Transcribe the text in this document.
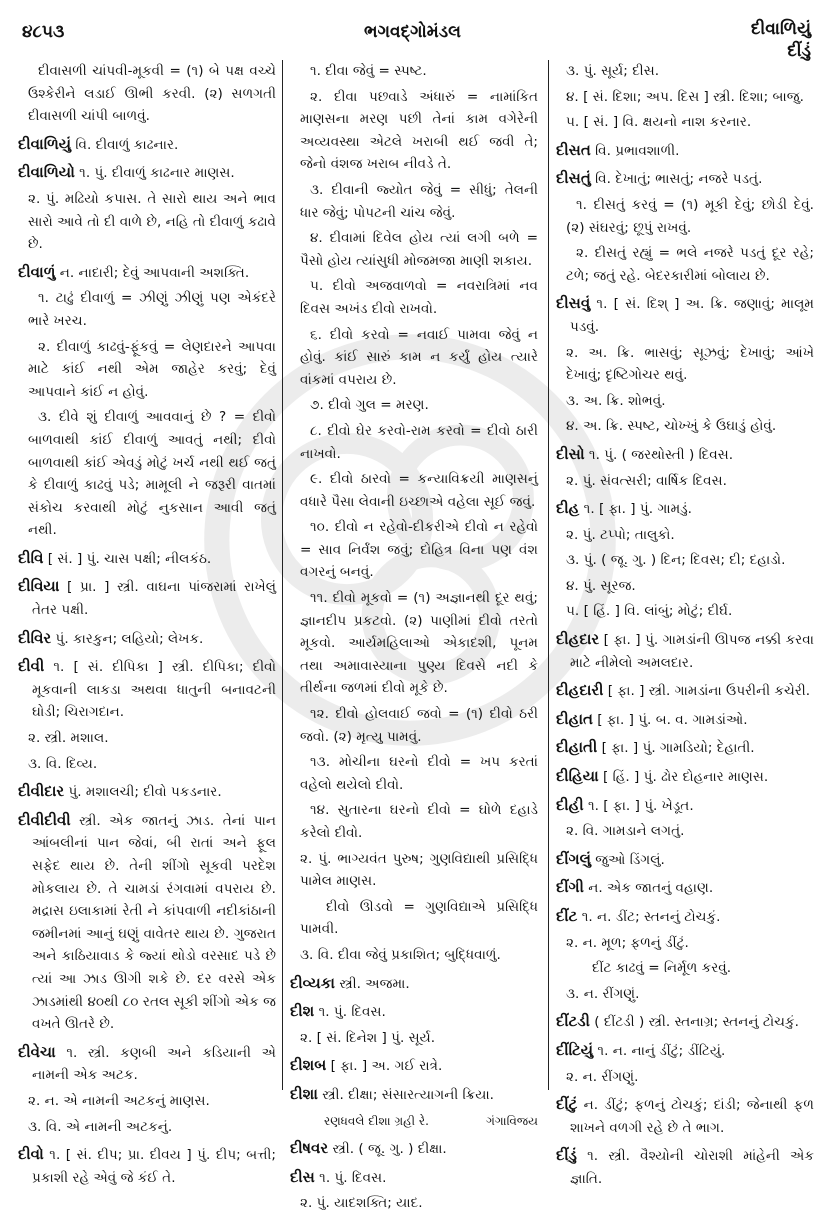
૪૮૫૩	ભગવદ્ગોમંડલ	દીવાળિયું
દીંડું

દીવાસળી ચાંપવી-મૂકવી = (૧) બે પક્ષ વચ્ચે ઉશ્કેરીને લડાઈ ઊભી કરવી. (૨) સળગતી દીવાસળી ચાંપી બાળવું.

દીવાળિયું વિ. દીવાળું કાઢનાર.

દીવાળિયો ૧. પું. દીવાળું કાઢનાર માણસ.

૨. પું. મઢિયો કપાસ. તે સારો થાય અને ભાવ સારો આવે તો દી વાળે છે, નહિ તો દીવાળું કઢાવે છે.

દીવાળું ન. નાદારી; દેવું આપવાની અશક્તિ.

૧. ટાઢું દીવાળું = ઝીણું ઝીણું પણ એકંદરે ભારે ખરચ.

૨. દીવાળું કાઢવું-ફૂંકવું = લેણદારને આપવા માટે કાંઈ નથી એમ જાહેર કરવું; દેવું આપવાને કાંઈ ન હોવું.

૩. દીવે શું દીવાળું આવવાનું છે ? = દીવો બાળવાથી કાંઈ દીવાળું આવતું નથી; દીવો બાળવાથી કાંઈ એવડું મોટું ખર્ચ નથી થઈ જતું કે દીવાળું કાઢવું પડે; મામૂલી ને જરૂરી વાતમાં સંકોચ કરવાથી મોટું નુકસાન આવી જતું નથી.

દીવિ [ સં. ] પું. ચાસ પક્ષી; નીલકંઠ.

દીવિયા [ પ્રા. ] સ્ત્રી. વાઘના પાંજરામાં રાખેલું તેતર પક્ષી.

દીવિર પું. કારકુન; લહિયો; લેખક.

દીવી ૧. [ સં. દીપિકા ] સ્ત્રી. દીપિકા; દીવો મૂકવાની લાકડા અથવા ધાતુની બનાવટની ઘોડી; ચિરાગદાન.

૨. સ્ત્રી. મશાલ.

૩. વિ. દિવ્ય.

દીવીદાર પું. મશાલચી; દીવો પકડનાર.

દીવીદીવી સ્ત્રી. એક જાતનું ઝાડ. તેનાં પાન આંબલીનાં પાન જેવાં, બી રાતાં અને ફૂલ સફેદ થાય છે. તેની શીંગો સૂકવી પરદેશ મોકલાય છે. તે ચામડાં રંગવામાં વપરાય છે. મદ્રાસ ઇલાકામાં રેતી ને કાંપવાળી નદીકાંઠાની જમીનમાં આનું ઘણું વાવેતર થાય છે. ગુજરાત અને કાઠિયાવાડ કે જ્યાં થોડો વરસાદ પડે છે ત્યાં આ ઝાડ ઊગી શકે છે. દર વરસે એક ઝાડમાંથી ૪૦થી ૮૦ રતલ સૂકી શીંગો એક જ વખતે ઊતરે છે.

દીવેચા ૧. સ્ત્રી. કણબી અને કડિયાની એ નામની એક અટક.

૨. ન. એ નામની અટકનું માણસ.

૩. વિ. એ નામની અટકનું.

દીવો ૧. [ સં. દીપ; પ્રા. દીવય ] પું. દીપ; બત્તી; પ્રકાશી રહે એવું જે કંઈ તે.

૧. દીવા જેવું = સ્પષ્ટ.

૨. દીવા પછવાડે અંધારું = નામાંકિત માણસના મરણ પછી તેનાં કામ વગેરેની અવ્યવસ્થા એટલે ખરાબી થઈ જવી તે; જેનો વંશજ ખરાબ નીવડે તે.

૩. દીવાની જ્યોત જેવું = સીધું; તેલની ધાર જેવું; પોપટની ચાંચ જેવું.

૪. દીવામાં દિવેલ હોય ત્યાં લગી બળે = પૈસો હોય ત્યાંસુધી મોજમજા માણી શકાય.

૫. દીવો અજવાળવો = નવરાત્રિમાં નવ દિવસ અખંડ દીવો રાખવો.

૬. દીવો કરવો = નવાઈ પામવા જેવું ન હોવું. કાંઈ સારું કામ ન કર્યું હોય ત્યારે વાંકમાં વપરાય છે.

૭. દીવો ગુલ = મરણ.

૮. દીવો ઘેર કરવો-રામ કરવો = દીવો ઠારી નાખવો.

૯. દીવો ઠારવો = કન્યાવિક્રયી માણસનું વધારે પૈસા લેવાની ઇચ્છાએ વહેલા સૂઈ જવું.

૧૦. દીવો ન રહેવો-દીકરીએ દીવો ન રહેવો = સાવ નિર્વંશ જવું; દોહિત્ર વિના પણ વંશ વગરનું બનવું.

૧૧. દીવો મૂકવો = (૧) અજ્ઞાનથી દૂર થવું; જ્ઞાનદીપ પ્રકટવો. (૨) પાણીમાં દીવો તરતો મૂકવો. આર્યમહિલાઓ એકાદશી, પૂનમ તથા અમાવાસ્યાના પુણ્ય દિવસે નદી કે તીર્થના જળમાં દીવો મૂકે છે.

૧૨. દીવો હોલવાઈ જવો = (૧) દીવો ઠરી જવો. (૨) મૃત્યુ પામવું.

૧૩. મોચીના ઘરનો દીવો = ખપ કરતાં વહેલો થયેલો દીવો.

૧૪. સુતારના ઘરનો દીવો = ઘોળે દહાડે કરેલો દીવો.

૨. પું. ભાગ્યવંત પુરુષ; ગુણવિદ્યાથી પ્રસિદ્ધિ પામેલ માણસ.

દીવો ઊડવો = ગુણવિદ્યાએ પ્રસિદ્ધિ પામવી.

૩. વિ. દીવા જેવું પ્રકાશિત; બુદ્ધિવાળું.

દીવ્યકા સ્ત્રી. અજમા.

દીશ ૧. પું. દિવસ.

૨. [ સં. દિનેશ ] પું. સૂર્ય.

દીશબ [ ફા. ] અ. ગઈ રાત્રે.

દીશા સ્ત્રી. દીક્ષા; સંસારત્યાગની ક્રિયા.

રણધવલે દીશા ગ્રહી રે.	ગંગાવિજય

દીષવર સ્ત્રી. ( જૂ. ગુ. ) દીક્ષા.

દીસ ૧. પું. દિવસ.

૨. પું. યાદશક્તિ; યાદ.

૩. પું. સૂર્ય; દીસ.

૪. [ સં. દિશા; અપ. દિસ ] સ્ત્રી. દિશા; બાજુ.

૫. [ સં. ] વિ. ક્ષયનો નાશ કરનાર.

દીસત વિ. પ્રભાવશાળી.

દીસતું વિ. દેખાતું; ભાસતું; નજરે પડતું.

૧. દીસતું કરવું = (૧) મૂકી દેવું; છોડી દેવું. (૨) સંઘરવું; છૂપું રાખવું.

૨. દીસતું રહ્યું = ભલે નજરે પડતું દૂર રહે; ટળે; જતું રહે. બેદરકારીમાં બોલાય છે.

દીસવું ૧. [ સં. દિશ્ ] અ. ક્રિ. જણાવું; માલૂમ પડવું.

૨. અ. ક્રિ. ભાસવું; સૂઝવું; દેખાવું; આંખે દેખાવું; દૃષ્ટિગોચર થવું.

૩. અ. ક્રિ. શોભવું.

૪. અ. ક્રિ. સ્પષ્ટ, ચોખ્ખું કે ઉઘાડું હોવું.

દીસો ૧. પું. ( જરથોસ્તી ) દિવસ.

૨. પું. સંવત્સરી; વાર્ષિક દિવસ.

દીહ ૧. [ ફા. ] પું. ગામડું.

૨. પું. ટપ્પો; તાલુકો.

૩. પું. ( જૂ. ગુ. ) દિન; દિવસ; દી; દહાડો.

૪. પું. સૂરજ.

૫. [ હિં. ] વિ. લાંબું; મોટું; દીર્ઘ.

દીહદાર [ ફા. ] પું. ગામડાંની ઊપજ નક્કી કરવા માટે નીમેલો અમલદાર.

દીહદારી [ ફા. ] સ્ત્રી. ગામડાંના ઉપરીની કચેરી.

દીહાત [ ફા. ] પું. બ. વ. ગામડાંઓ.

દીહાતી [ ફા. ] પું. ગામડિયો; દેહાતી.

દીહિયા [ હિં. ] પું. ઢોર દોહનાર માણસ.

દીહી ૧. [ ફા. ] પું. ખેડૂત.

૨. વિ. ગામડાને લગતું.

દીંગલું જુઓ ડિંગલું.

દીંગી ન. એક જાતનું વહાણ.

દીંટ ૧. ન. ડીંટ; સ્તનનું ટોચકું.

૨. ન. મૂળ; ફળનું ડીંટું.

દીંટ કાઢવું = નિર્મૂળ કરવું.

૩. ન. રીંગણું.

દીંટડી ( દીંટડી ) સ્ત્રી. સ્તનાગ્ર; સ્તનનું ટોચકું.

દીંટિયું ૧. ન. નાનું ડીંટું; ડીંટિયું.

૨. ન. રીંગણું.

દીંટું ન. ડીંટું; ફળનું ટોચકું; દાંડી; જેનાથી ફળ શાખને વળગી રહે છે તે ભાગ.

દીંડું ૧. સ્ત્રી. વૈશ્યોની ચોરાશી માંહેની એક જ્ઞાતિ.
